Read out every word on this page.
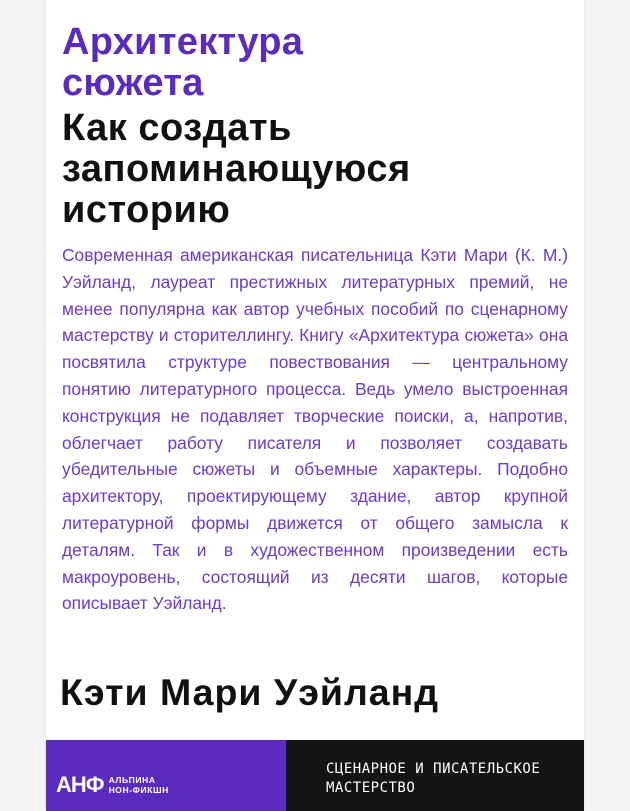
Архитектура
сюжета
Как создать
запоминающуюся
историю

Современная американская писательница Кэти Мари (К. М.) Уэйланд, лауреат престижных литературных премий, не менее популярна как автор учебных пособий по сценарному мастерству и сторителлингу. Книгу «Архитектура сюжета» она посвятила структуре повествования — центральному понятию литературного процесса. Ведь умело выстроенная конструкция не подавляет творческие поиски, а, напротив, облегчает работу писателя и позволяет создавать убедительные сюжеты и объемные характеры. Подобно архитектору, проектирующему здание, автор крупной литературной формы движется от общего замысла к деталям. Так и в художественном произведении есть макроуровень, состоящий из десяти шагов, которые описывает Уэйланд.

Кэти Мари Уэйланд
АНФ АЛЬПИНА
НОН-ФИКШН
СЦЕНАРНОЕ И ПИСАТЕЛЬСКОЕ
МАСТЕРСТВО
